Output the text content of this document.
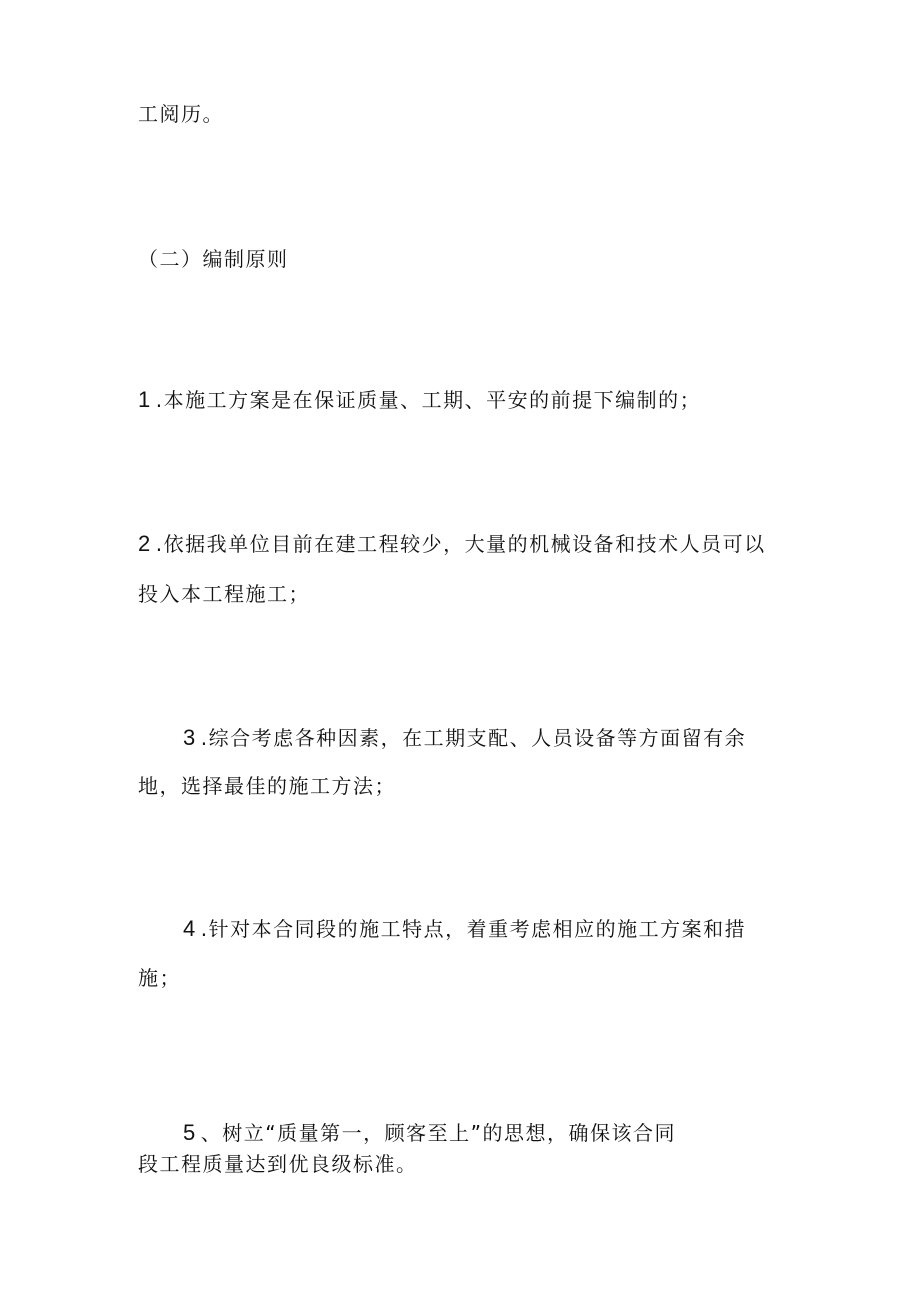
工阅历。
（二）编制原则
1 .本施工方案是在保证质量、工期、平安的前提下编制的；
2 .依据我单位目前在建工程较少，大量的机械设备和技术人员可以
投入本工程施工；
3 .综合考虑各种因素，在工期支配、人员设备等方面留有余
地，选择最佳的施工方法；
4 .针对本合同段的施工特点，着重考虑相应的施工方案和措
施；
5 、树立“质量第一，顾客至上”的思想，确保该合同
段工程质量达到优良级标准。
